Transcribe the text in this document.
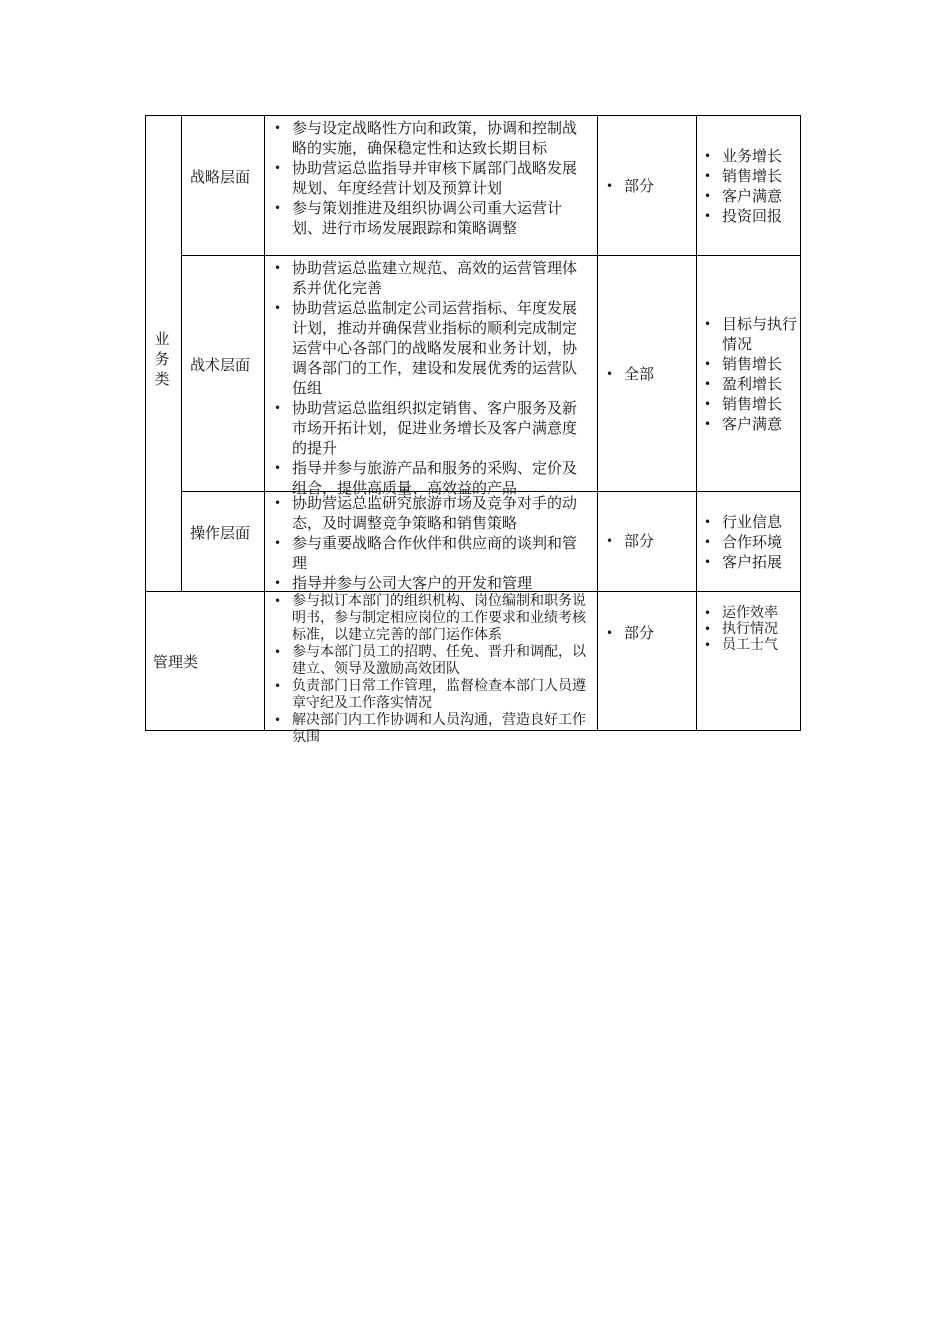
业
务
类
战略层面
• 参与设定战略性方向和政策，协调和控制战略的实施，确保稳定性和达致长期目标
• 协助营运总监指导并审核下属部门战略发展规划、年度经营计划及预算计划
• 参与策划推进及组织协调公司重大运营计划、进行市场发展跟踪和策略调整
• 部分
• 业务增长
• 销售增长
• 客户满意
• 投资回报
战术层面
• 协助营运总监建立规范、高效的运营管理体系并优化完善
• 协助营运总监制定公司运营指标、年度发展计划，推动并确保营业指标的顺利完成制定运营中心各部门的战略发展和业务计划，协调各部门的工作，建设和发展优秀的运营队伍组
• 协助营运总监组织拟定销售、客户服务及新市场开拓计划，促进业务增长及客户满意度的提升
• 指导并参与旅游产品和服务的采购、定价及组合，提供高质量、高效益的产品
• 全部
• 目标与执行情况
• 销售增长
• 盈利增长
• 销售增长
• 客户满意
操作层面
• 协助营运总监研究旅游市场及竞争对手的动态，及时调整竞争策略和销售策略
• 参与重要战略合作伙伴和供应商的谈判和管理
• 指导并参与公司大客户的开发和管理
• 部分
• 行业信息
• 合作环境
• 客户拓展
管理类
• 参与拟订本部门的组织机构、岗位编制和职务说明书，参与制定相应岗位的工作要求和业绩考核标准，以建立完善的部门运作体系
• 参与本部门员工的招聘、任免、晋升和调配，以建立、领导及激励高效团队
• 负责部门日常工作管理，监督检查本部门人员遵章守纪及工作落实情况
• 解决部门内工作协调和人员沟通，营造良好工作氛围
• 部分
• 运作效率
• 执行情况
• 员工士气
